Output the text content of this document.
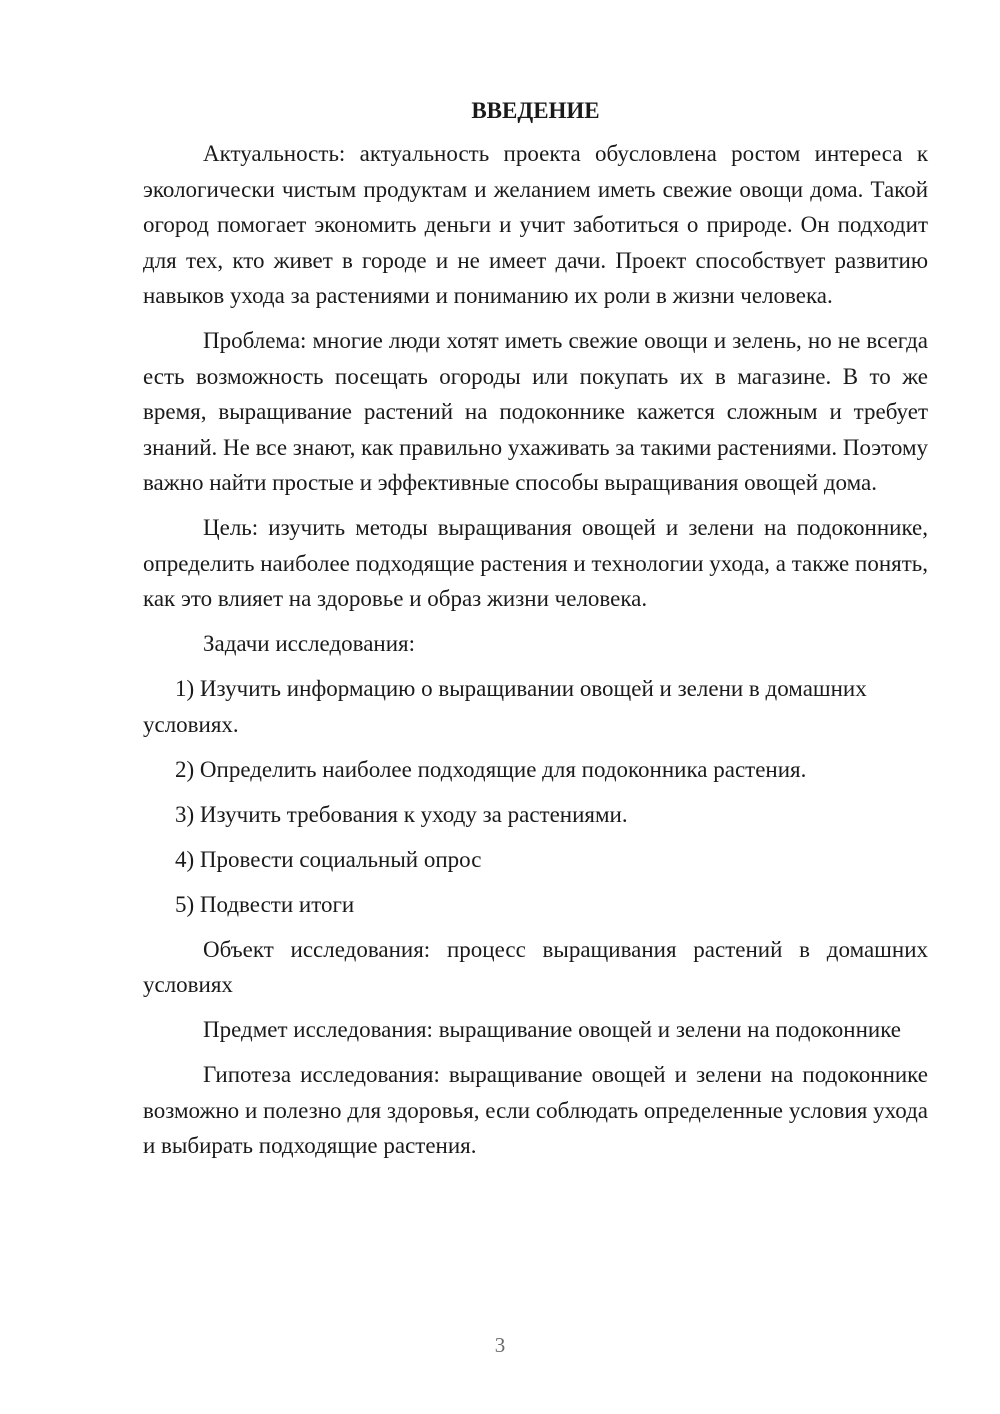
ВВЕДЕНИЕ

Актуальность: актуальность проекта обусловлена ростом интереса к экологически чистым продуктам и желанием иметь свежие овощи дома. Такой огород помогает экономить деньги и учит заботиться о природе. Он подходит для тех, кто живет в городе и не имеет дачи. Проект способствует развитию навыков ухода за растениями и пониманию их роли в жизни человека.

Проблема: многие люди хотят иметь свежие овощи и зелень, но не всегда есть возможность посещать огороды или покупать их в магазине. В то же время, выращивание растений на подоконнике кажется сложным и требует знаний. Не все знают, как правильно ухаживать за такими растениями. Поэтому важно найти простые и эффективные способы выращивания овощей дома.

Цель: изучить методы выращивания овощей и зелени на подоконнике, определить наиболее подходящие растения и технологии ухода, а также понять, как это влияет на здоровье и образ жизни человека.

Задачи исследования:

1) Изучить информацию о выращивании овощей и зелени в домашних условиях.

2) Определить наиболее подходящие для подоконника растения.

3) Изучить требования к уходу за растениями.

4) Провести социальный опрос

5) Подвести итоги

Объект исследования: процесс выращивания растений в домашних условиях

Предмет исследования: выращивание овощей и зелени на подоконнике

Гипотеза исследования: выращивание овощей и зелени на подоконнике возможно и полезно для здоровья, если соблюдать определенные условия ухода и выбирать подходящие растения.

3
